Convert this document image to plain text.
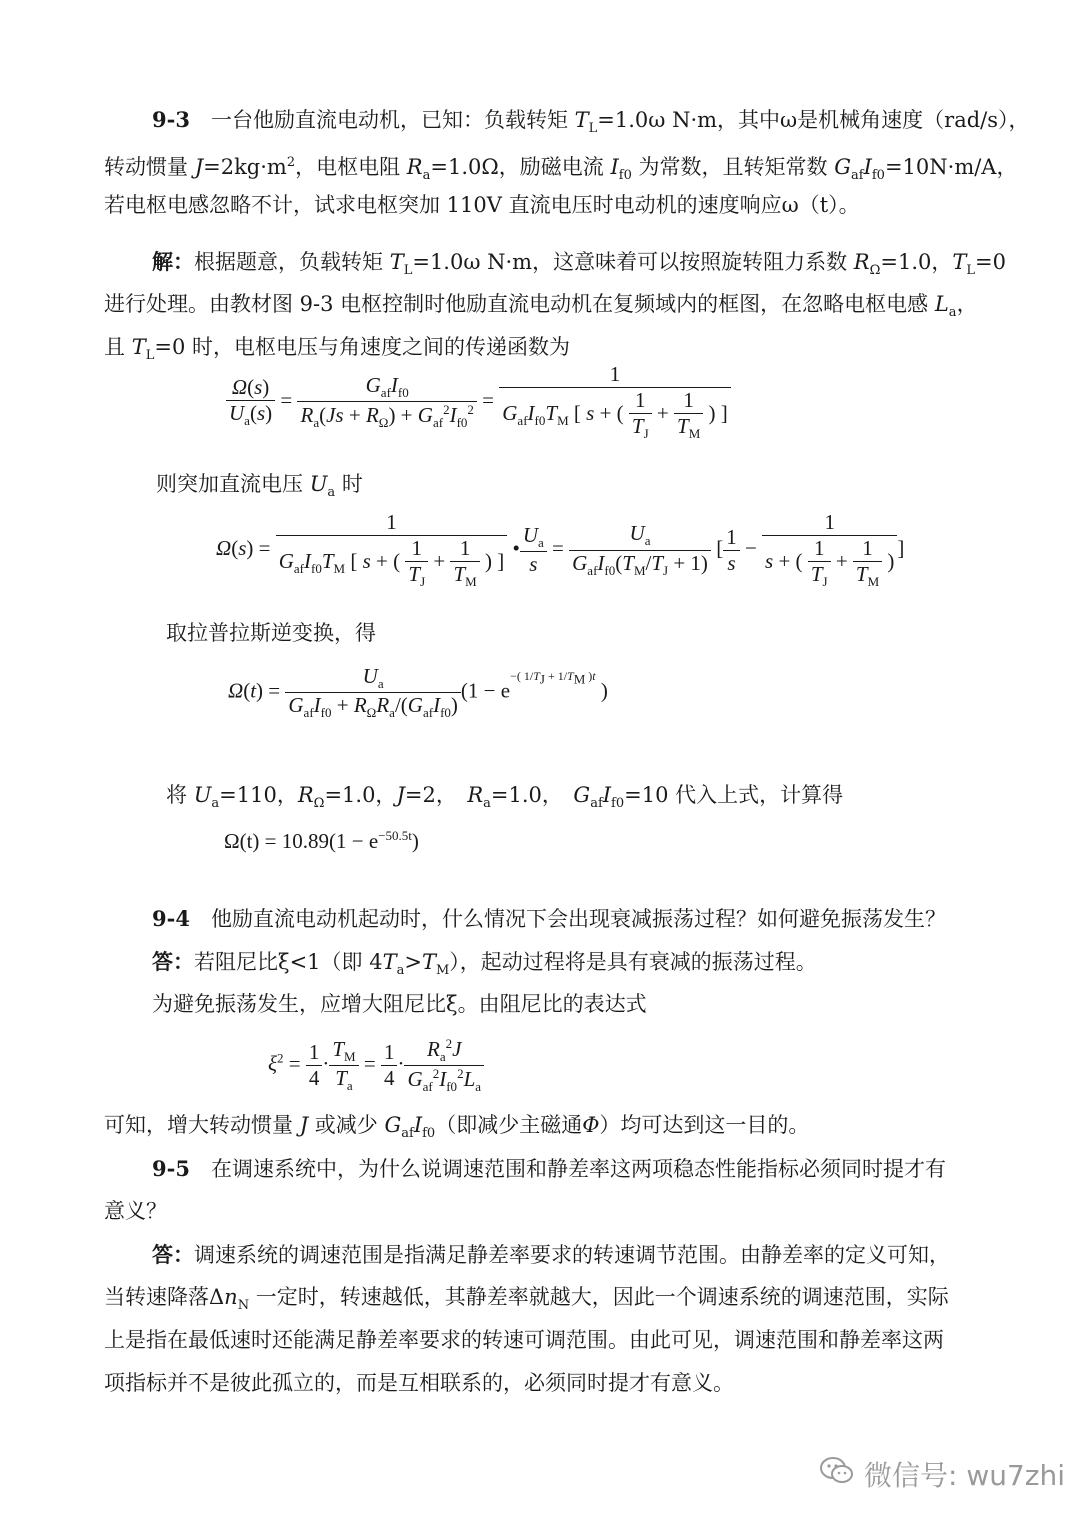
9-3　 一台他励直流电动机，已知：负载转矩 $T_L=1.0\omega$ N·m，其中ω是机械角速度（rad/s），
转动惯量 $J=2kg\cdot m^2$，电枢电阻 $R_a=1.0\Omega$，励磁电流 $I_{f0}$ 为常数，且转矩常数 $G_{af}I_{f0}=10N\cdot m/A$，
若电枢电感忽略不计，试求电枢突加 110V 直流电压时电动机的速度响应ω（t）。
解：根据题意，负载转矩 $T_L=1.0\omega$ N·m，这意味着可以按照旋转阻力系数 $R_\Omega=1.0$，$T_L=0$
进行处理。由教材图 9-3 电枢控制时他励直流电动机在复频域内的框图，在忽略电枢电感 $L_a$，
且 $T_L=0$ 时，电枢电压与角速度之间的传递函数为
$\frac{\Omega(s)}{U_a(s)} = \frac{G_{af}I_{f0}}{R_a(Js + R_\Omega) + G_{af}^2I_{f0}^2} = \frac{1}{G_{af}I_{f0}T_M [ s + ( \frac{1}{T_J} + \frac{1}{T_M} ) ]}$
则突加直流电压 $U_a$ 时
$\Omega(s) = \frac{1}{G_{af}I_{f0}T_M [ s + ( \frac{1}{T_J} + \frac{1}{T_M} ) ]}$ • $\frac{U_a}{s} = \frac{U_a}{G_{af}I_{f0}(T_M/T_J + 1)}$ [ $\frac{1}{s} - \frac{1}{s + ( \frac{1}{T_J} + \frac{1}{T_M} )}$ ]
取拉普拉斯逆变换，得
$\Omega(t) = \frac{U_a}{G_{af}I_{f0} + R_\Omega R_a/(G_{af}I_{f0})} (1 - e^{-( 1/T_J + 1/T_M )t}$ )
将 $U_a=110$，$R_\Omega=1.0$，J=2，　$R_a=1.0$，　$G_{af}I_{f0}=10$ 代入上式，计算得
$\Omega(t) = 10.89(1 - e^{-50.5t})$
9-4　 他励直流电动机起动时，什么情况下会出现衰减振荡过程？如何避免振荡发生？
答：若阻尼比ξ<1（即 $4T_a>T_M$），起动过程将是具有衰减的振荡过程。
为避免振荡发生，应增大阻尼比ξ。由阻尼比的表达式
$\xi^2 = \frac{1}{4} \cdot \frac{T_M}{T_a} = \frac{1}{4} \cdot \frac{R_a^2J}{G_{af}^2I_{f0}^2L_a}$
可知，增大转动惯量 J 或减少 $G_{af}I_{f0}$（即减少主磁通Φ）均可达到这一目的。
9-5　 在调速系统中，为什么说调速范围和静差率这两项稳态性能指标必须同时提才有
意义？
答：调速系统的调速范围是指满足静差率要求的转速调节范围。由静差率的定义可知，
当转速降落$\Delta n_N$ 一定时，转速越低，其静差率就越大，因此一个调速系统的调速范围，实际
上是指在最低速时还能满足静差率要求的转速可调范围。由此可见，调速范围和静差率这两
项指标并不是彼此孤立的，而是互相联系的，必须同时提才有意义。
微信号: wu7zhi
